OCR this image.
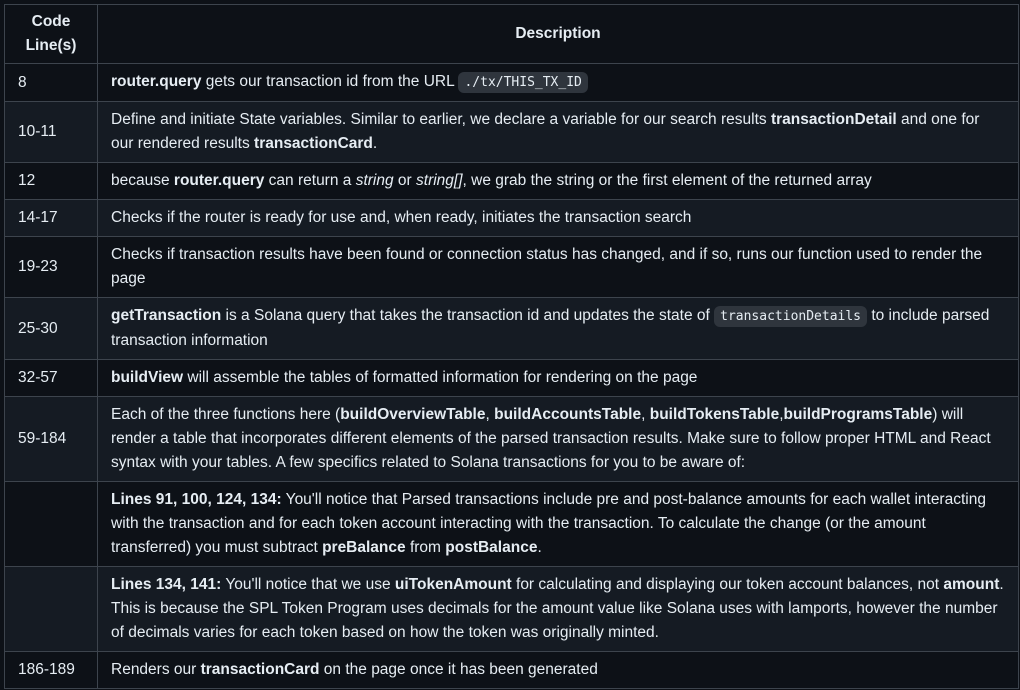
Code Line(s)	Description
8	router.query gets our transaction id from the URL ./tx/THIS_TX_ID
10-11	Define and initiate State variables. Similar to earlier, we declare a variable for our search results transactionDetail and one for our rendered results transactionCard.
12	because router.query can return a string or string[], we grab the string or the first element of the returned array
14-17	Checks if the router is ready for use and, when ready, initiates the transaction search
19-23	Checks if transaction results have been found or connection status has changed, and if so, runs our function used to render the page
25-30	getTransaction is a Solana query that takes the transaction id and updates the state of transactionDetails to include parsed transaction information
32-57	buildView will assemble the tables of formatted information for rendering on the page
59-184	Each of the three functions here (buildOverviewTable, buildAccountsTable, buildTokensTable,buildProgramsTable) will render a table that incorporates different elements of the parsed transaction results. Make sure to follow proper HTML and React syntax with your tables. A few specifics related to Solana transactions for you to be aware of:
	Lines 91, 100, 124, 134: You'll notice that Parsed transactions include pre and post-balance amounts for each wallet interacting with the transaction and for each token account interacting with the transaction. To calculate the change (or the amount transferred) you must subtract preBalance from postBalance.
	Lines 134, 141: You'll notice that we use uiTokenAmount for calculating and displaying our token account balances, not amount. This is because the SPL Token Program uses decimals for the amount value like Solana uses with lamports, however the number of decimals varies for each token based on how the token was originally minted.
186-189	Renders our transactionCard on the page once it has been generated
